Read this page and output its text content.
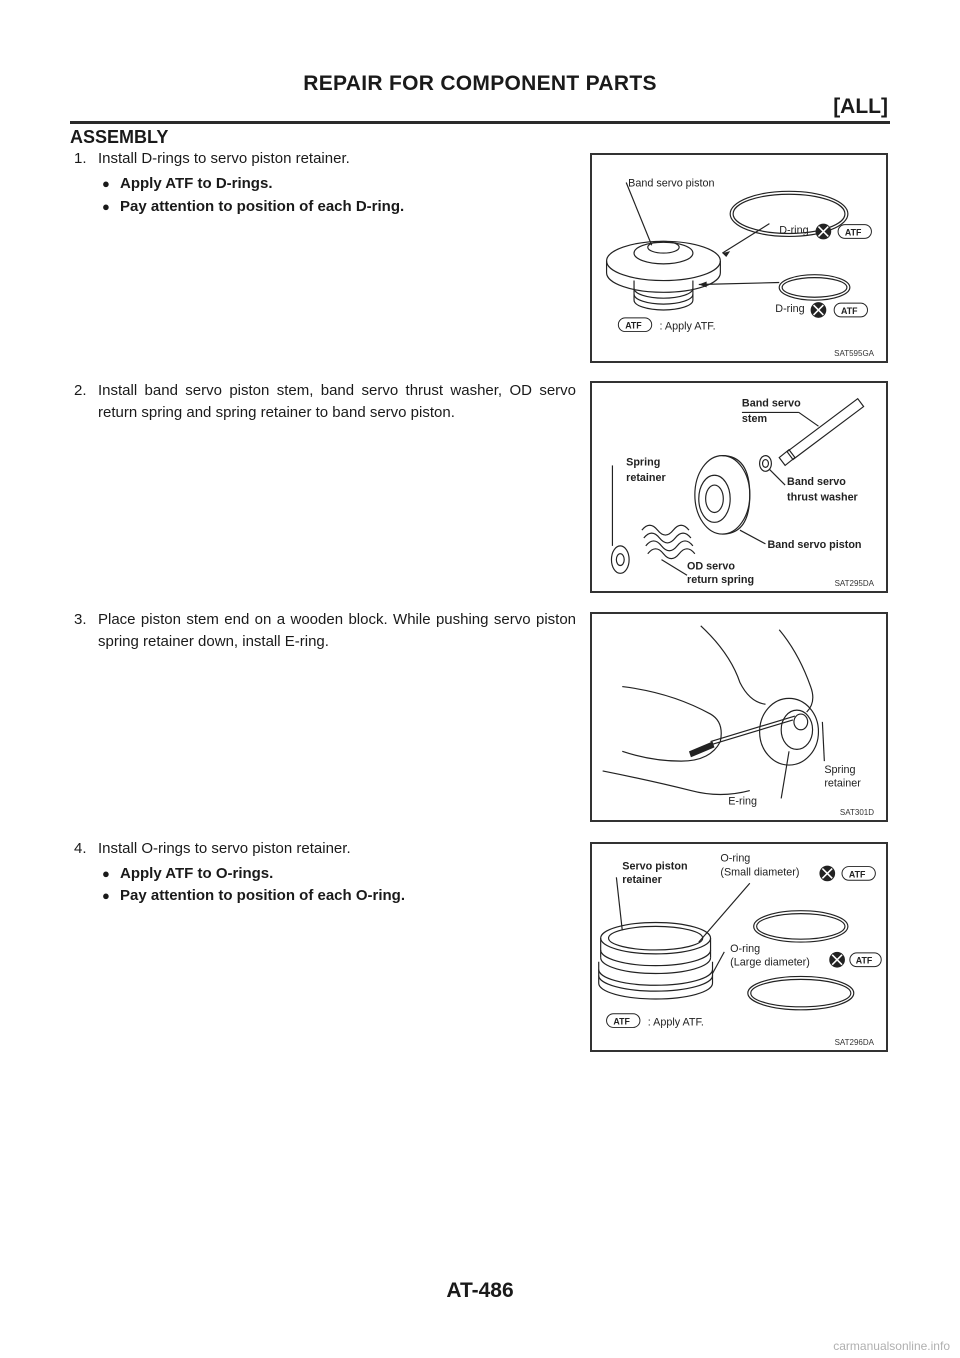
REPAIR FOR COMPONENT PARTS
[ALL]
ASSEMBLY
1. Install D-rings to servo piston retainer.
● Apply ATF to D-rings.
● Pay attention to position of each D-ring.
2. Install band servo piston stem, band servo thrust washer, OD servo return spring and spring retainer to band servo piston.
3. Place piston stem end on a wooden block. While pushing servo piston spring retainer down, install E-ring.
4. Install O-rings to servo piston retainer.
● Apply ATF to O-rings.
● Pay attention to position of each O-ring.
Band servo piston
D-ring
D-ring
ATF
ATF
ATF : Apply ATF.
SAT595GA
Band servo
stem
Spring
retainer	Band servo
thrust washer
Band servo piston
OD servo
return spring	SAT295DA
Spring
retainer
E-ring
SAT301D
Servo piston
retainer
O-ring
(Small diameter)
O-ring
(Large diameter)
ATF
ATF
ATF : Apply ATF.
SAT296DA
AT-486
carmanualsonline.info
